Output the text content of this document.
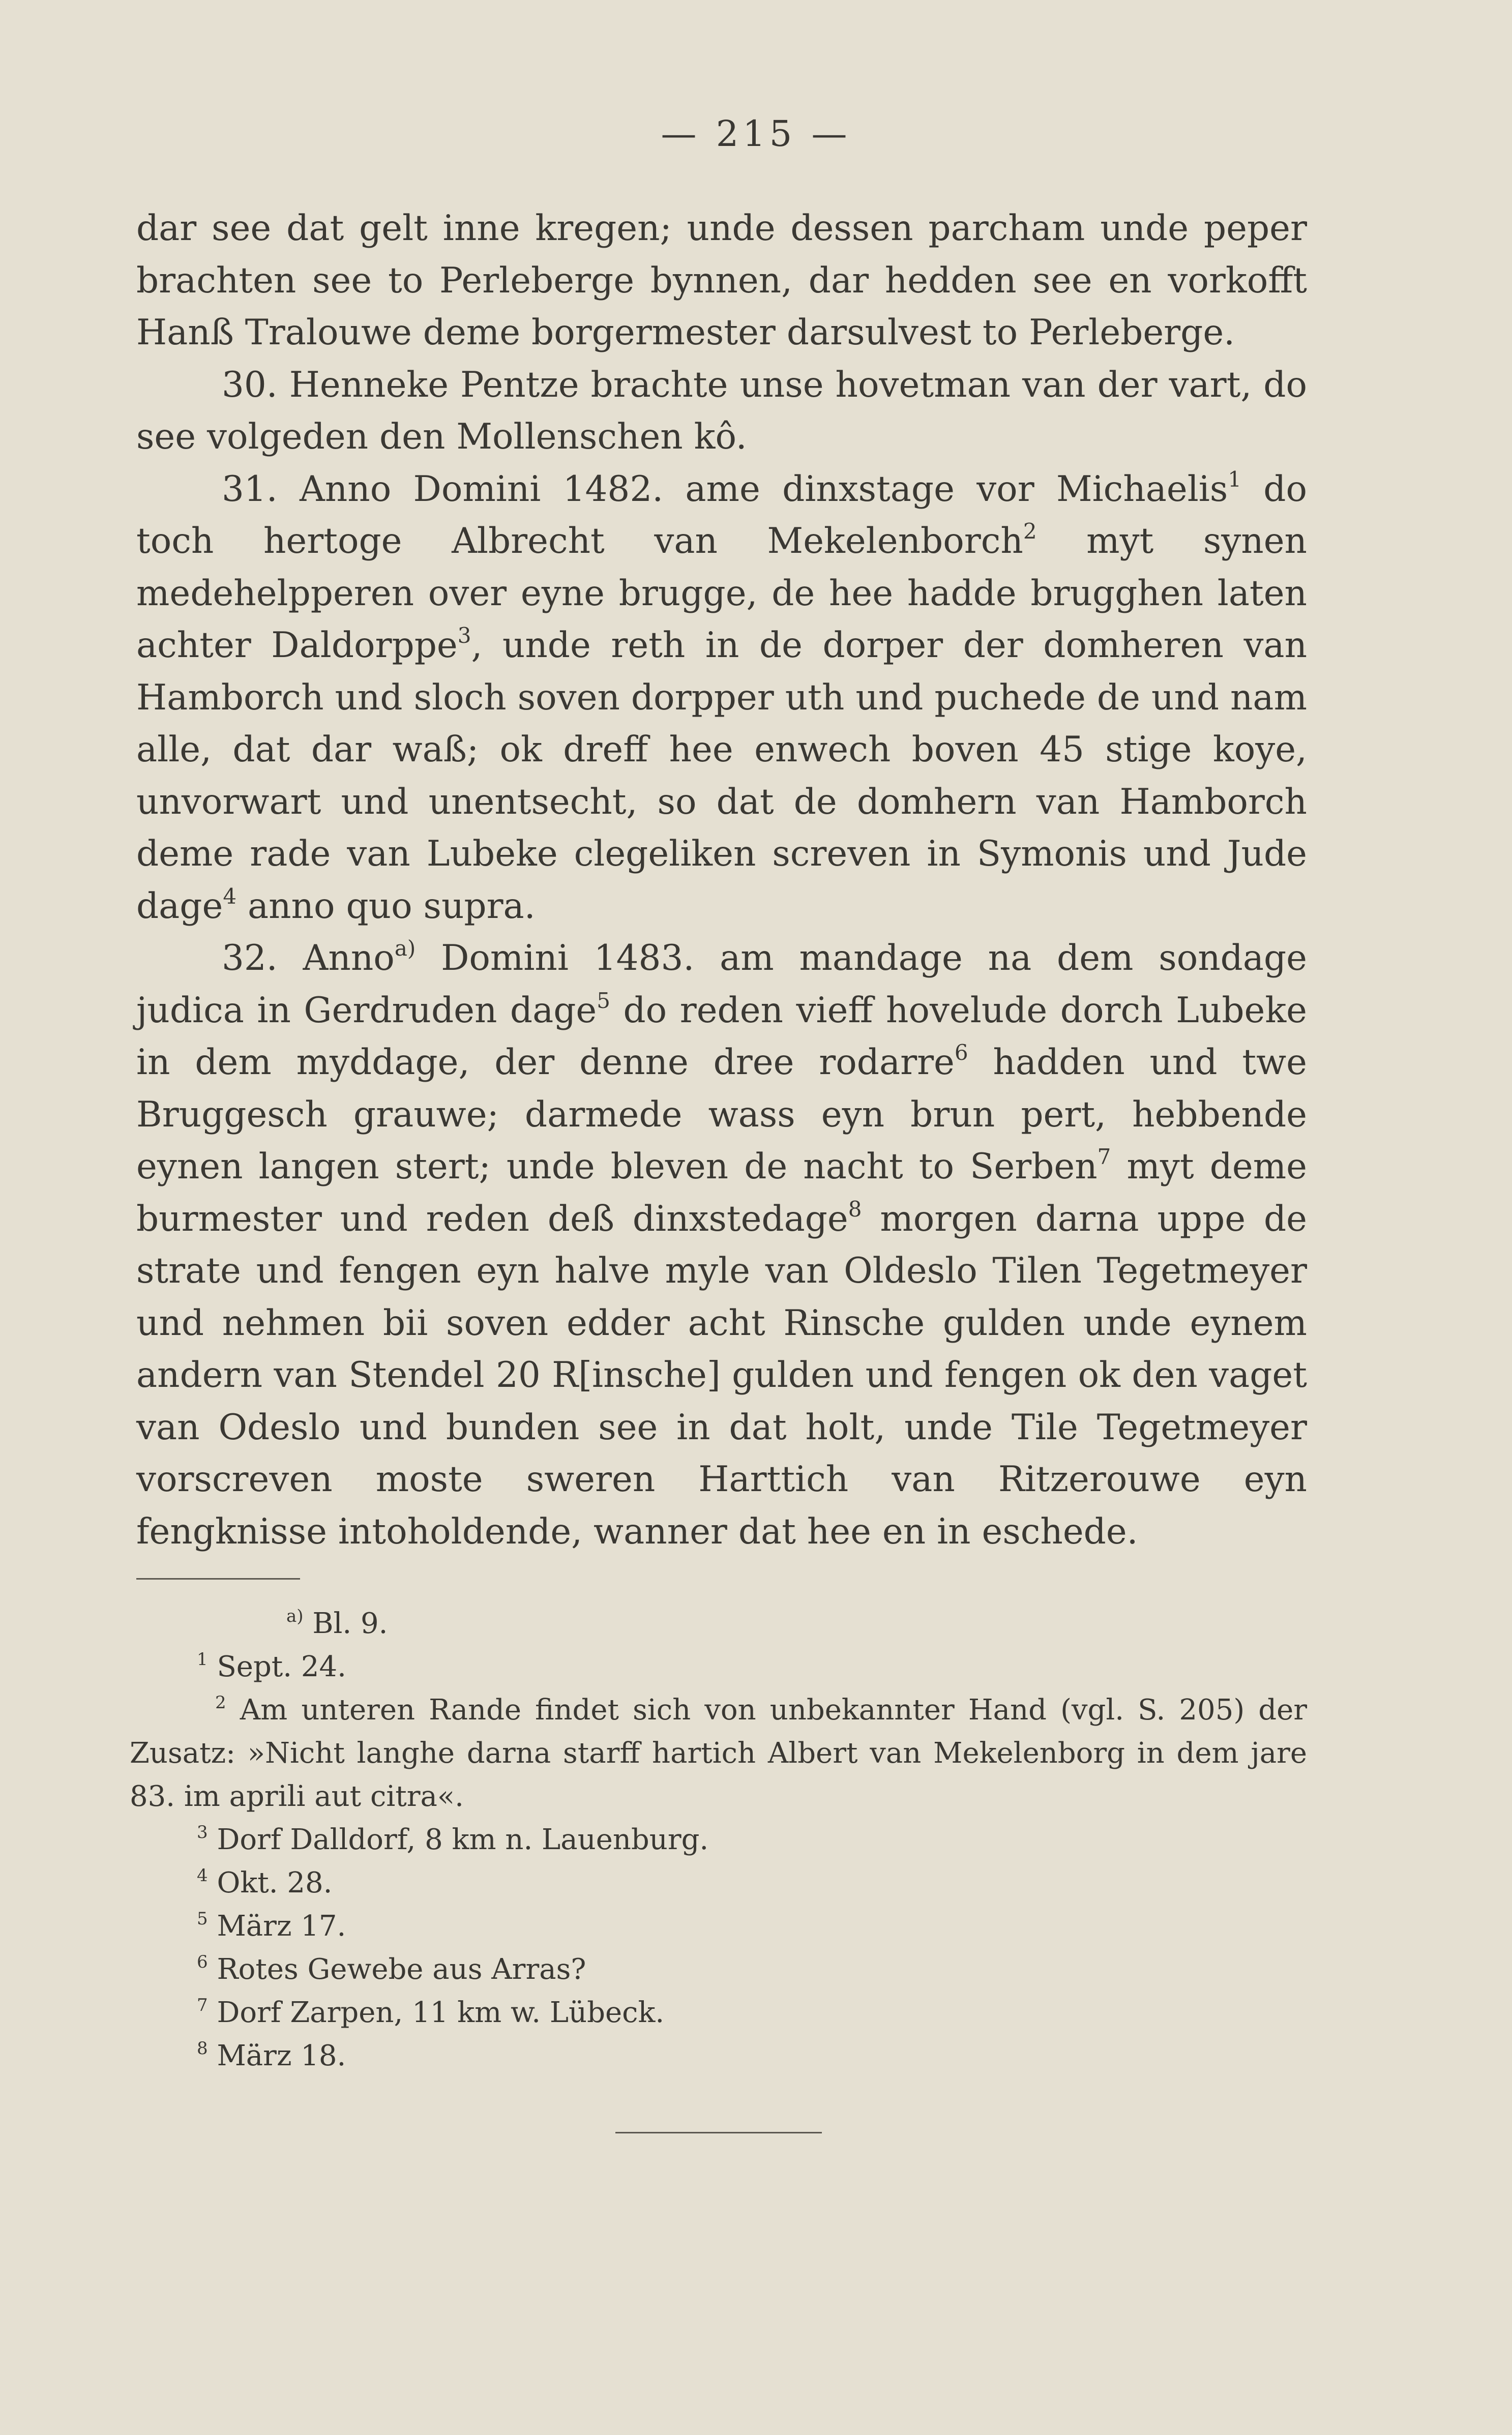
— 215 —

dar see dat gelt inne kregen; unde dessen parcham unde peper brachten see to Perleberge bynnen, dar hedden see en vorkofft Hanß Tralouwe deme borgermester darsulvest to Perleberge.

30. Henneke Pentze brachte unse hovetman van der vart, do see volgeden den Mollenschen kô.

31. Anno Domini 1482. ame dinxstage vor Michaelis$^1$ do toch hertoge Albrecht van Mekelenborch$^2$ myt synen medehelpperen over eyne brugge, de hee hadde brugghen laten achter Daldorppe$^3$, unde reth in de dorper der domheren van Hamborch und sloch soven dorpper uth und puchede de und nam alle, dat dar waß; ok dreff hee enwech boven 45 stige koye, unvorwart und unentsecht, so dat de domhern van Hamborch deme rade van Lubeke clegeliken screven in Symonis und Jude dage$^4$ anno quo supra.

32. Anno$^{a)}$ Domini 1483. am mandage na dem sondage judica in Gerdruden dage$^5$ do reden vieff hovelude dorch Lubeke in dem myddage, der denne dree rodarre$^6$ hadden und twe Bruggesch grauwe; darmede wass eyn brun pert, hebbende eynen langen stert; unde bleven de nacht to Serben$^7$ myt deme burmester und reden deß dinxstedage$^8$ morgen darna uppe de strate und fengen eyn halve myle van Oldeslo Tilen Tegetmeyer und nehmen bii soven edder acht Rinsche gulden unde eynem andern van Stendel 20 R[insche] gulden und fengen ok den vaget van Odeslo und bunden see in dat holt, unde Tile Tegetmeyer vorscreven moste sweren Harttich van Ritzerouwe eyn fengknisse intoholdende, wanner dat hee en in eschede.

$^{a)}$ Bl. 9.

$^1$ Sept. 24.

$^2$ Am unteren Rande findet sich von unbekannter Hand (vgl. S. 205) der Zusatz: »Nicht langhe darna starff hartich Albert van Mekelenborg in dem jare 83. im aprili aut citra«.

$^3$ Dorf Dalldorf, 8 km n. Lauenburg.

$^4$ Okt. 28.

$^5$ März 17.

$^6$ Rotes Gewebe aus Arras?

$^7$ Dorf Zarpen, 11 km w. Lübeck.

$^8$ März 18.
